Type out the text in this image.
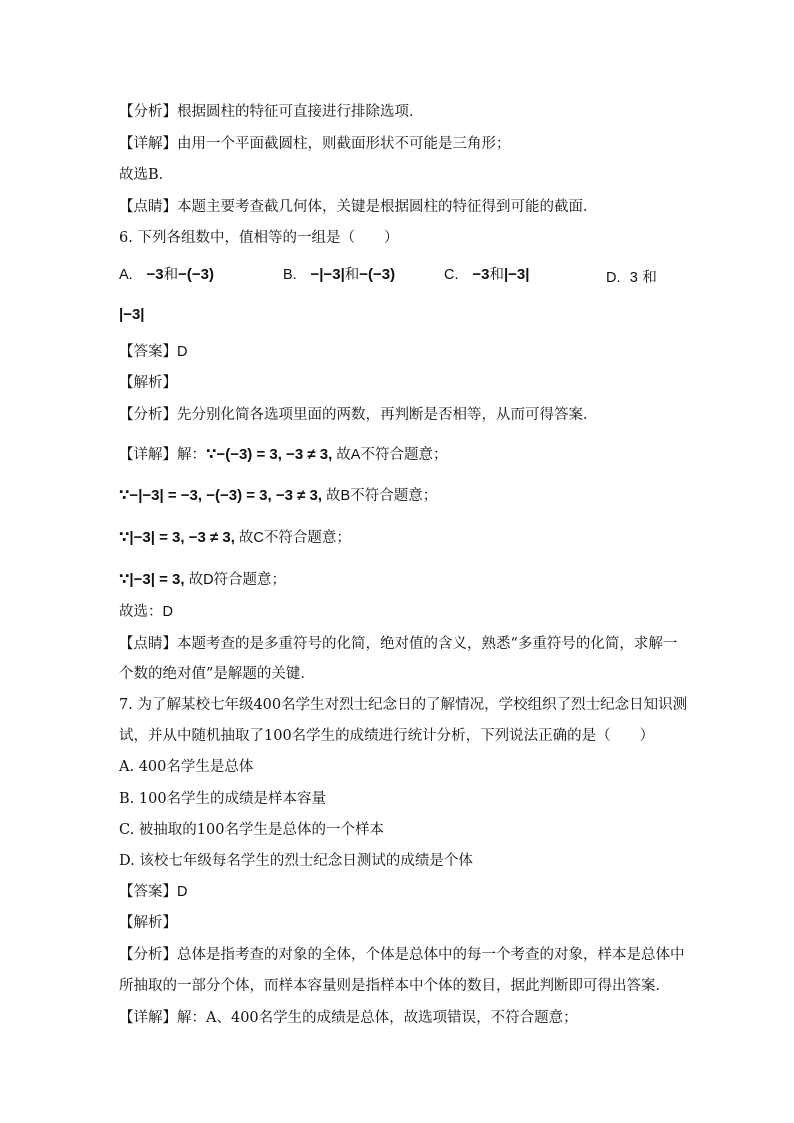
【分析】根据圆柱的特征可直接进行排除选项．
【详解】由用一个平面截圆柱，则截面形状不可能是三角形；
故选B．
【点睛】本题主要考查截几何体，关键是根据圆柱的特征得到可能的截面．
6. 下列各组数中，值相等的一组是（　　）
A. −3和−(−3)	B. −|−3|和−(−3)	C. −3和|−3|	D. 3 和
|−3|
【答案】D
【解析】
【分析】先分别化简各选项里面的两数，再判断是否相等，从而可得答案．
【详解】解：∵−(−3) = 3, −3 ≠ 3, 故A不符合题意；
∵−|−3| = −3, −(−3) = 3, −3 ≠ 3, 故B不符合题意；
∵|−3| = 3, −3 ≠ 3, 故C不符合题意；
∵|−3| = 3, 故D符合题意；
故选：D
【点睛】本题考查的是多重符号的化简，绝对值的含义，熟悉“多重符号的化简，求解一
个数的绝对值”是解题的关键．
7. 为了解某校七年级400名学生对烈士纪念日的了解情况，学校组织了烈士纪念日知识测
试，并从中随机抽取了100名学生的成绩进行统计分析，下列说法正确的是（　　）
A. 400名学生是总体
B. 100名学生的成绩是样本容量
C. 被抽取的100名学生是总体的一个样本
D. 该校七年级每名学生的烈士纪念日测试的成绩是个体
【答案】D
【解析】
【分析】总体是指考查的对象的全体，个体是总体中的每一个考查的对象，样本是总体中
所抽取的一部分个体，而样本容量则是指样本中个体的数目，据此判断即可得出答案．
【详解】解：A、400名学生的成绩是总体，故选项错误，不符合题意；
